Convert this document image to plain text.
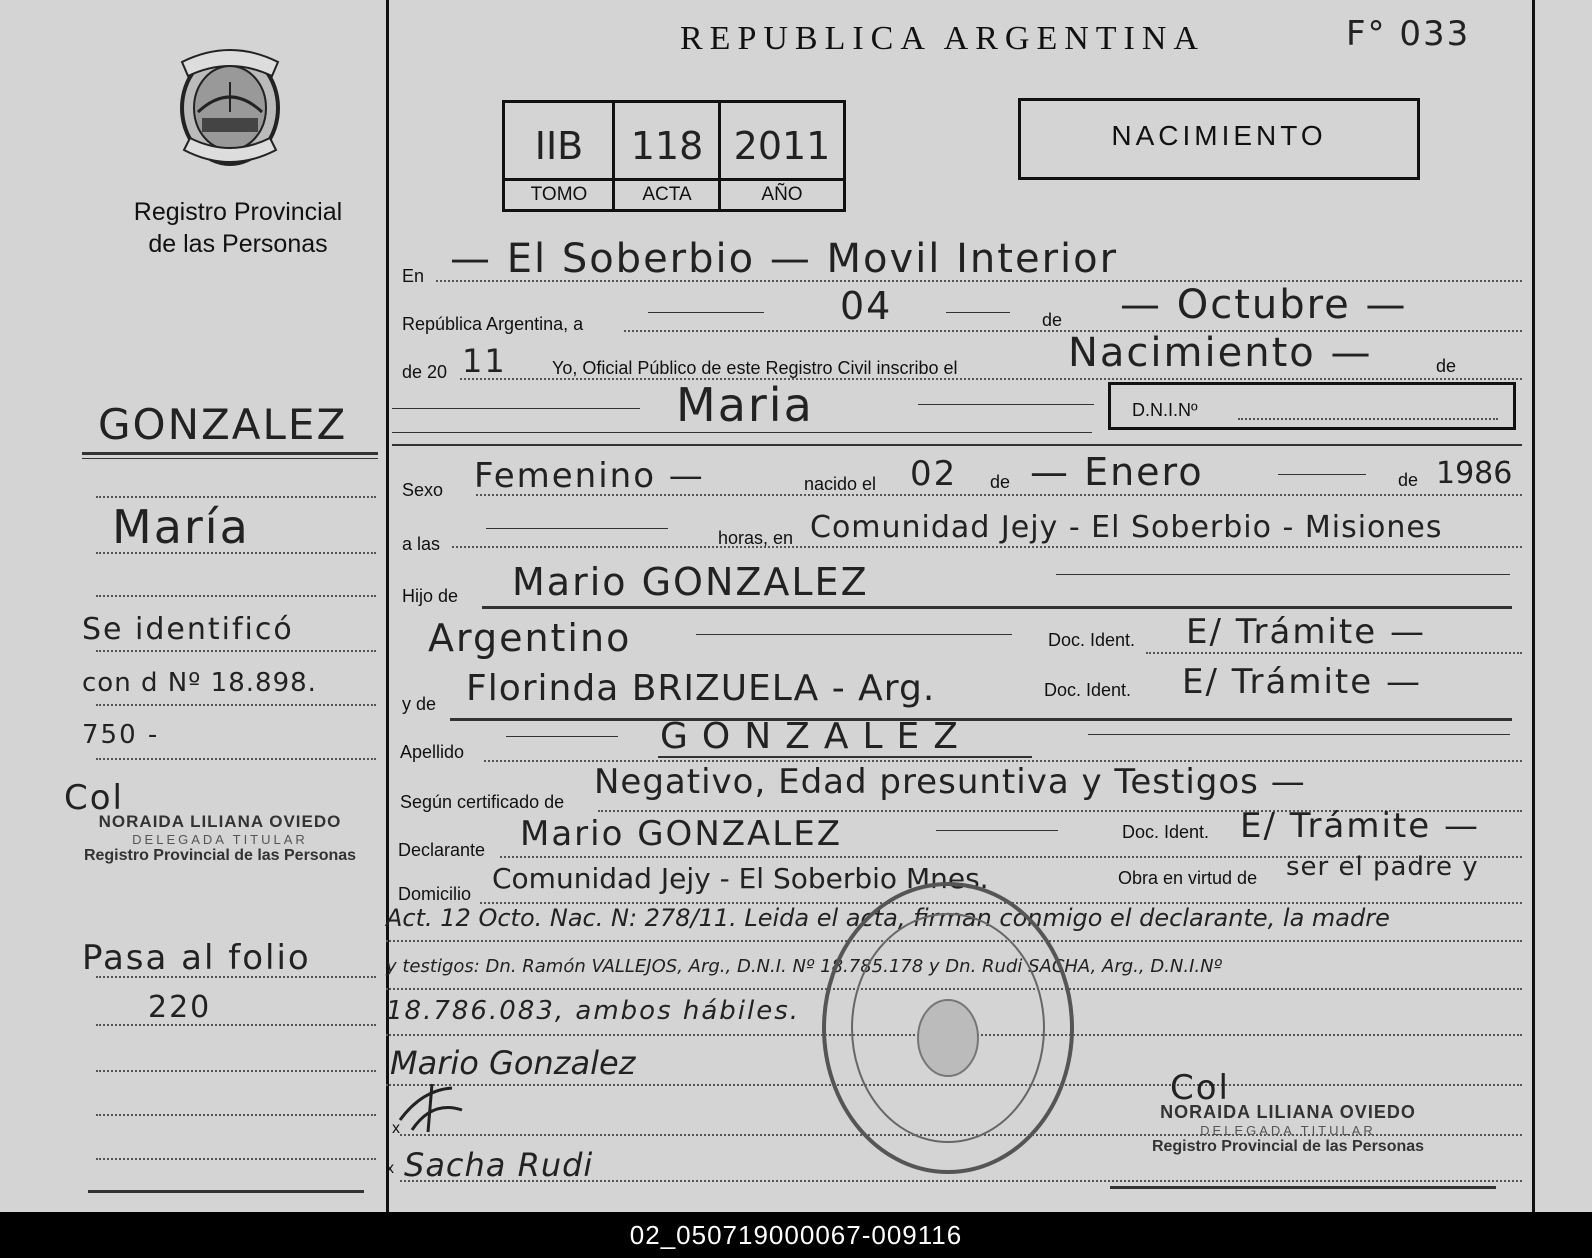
Registro Provincial
de las Personas
GONZALEZ
María
Se identificó
con d Nº 18.898.
750 -
Col
NORAIDA LILIANA OVIEDO
DELEGADA TITULAR
Registro Provincial de las Personas
Pasa al folio
220
REPUBLICA ARGENTINA	F° 033
IIB	118 2011
TOMO	ACTA	AÑO
NACIMIENTO
En — El Soberbio — Movil Interior
República Argentina, a	04	de — Octubre —
de 20 11	Yo, Oficial Público de este Registro Civil inscribo el	Nacimiento —	de
Maria	D.N.I.Nº
Sexo Femenino —	nacido el 02 de — Enero	de 1986
a las	horas, en Comunidad Jejy - El Soberbio - Misiones
Hijo de Mario GONZALEZ
Argentino	Doc. Ident. E/ Trámite —
y de Florinda BRIZUELA - Arg.	Doc. Ident. E/ Trámite —
Apellido	GONZALEZ
Según certificado de Negativo, Edad presuntiva y Testigos —
Declarante Mario GONZALEZ	Doc. Ident. E/ Trámite —
Domicilio Comunidad Jejy - El Soberbio Mnes.	Obra en virtud de ser el padre y
Act. 12 Octo. Nac. N: 278/11. Leida el acta, firman conmigo el declarante, la madre
y testigos: Dn. Ramón VALLEJOS, Arg., D.N.I. Nº 18.785.178 y Dn. Rudi SACHA, Arg., D.N.I.Nº
18.786.083, ambos hábiles.
Mario Gonzalez
x
x Sacha Rudi
Col
NORAIDA LILIANA OVIEDO
DELEGADA TITULAR
Registro Provincial de las Personas
02_050719000067-009116
